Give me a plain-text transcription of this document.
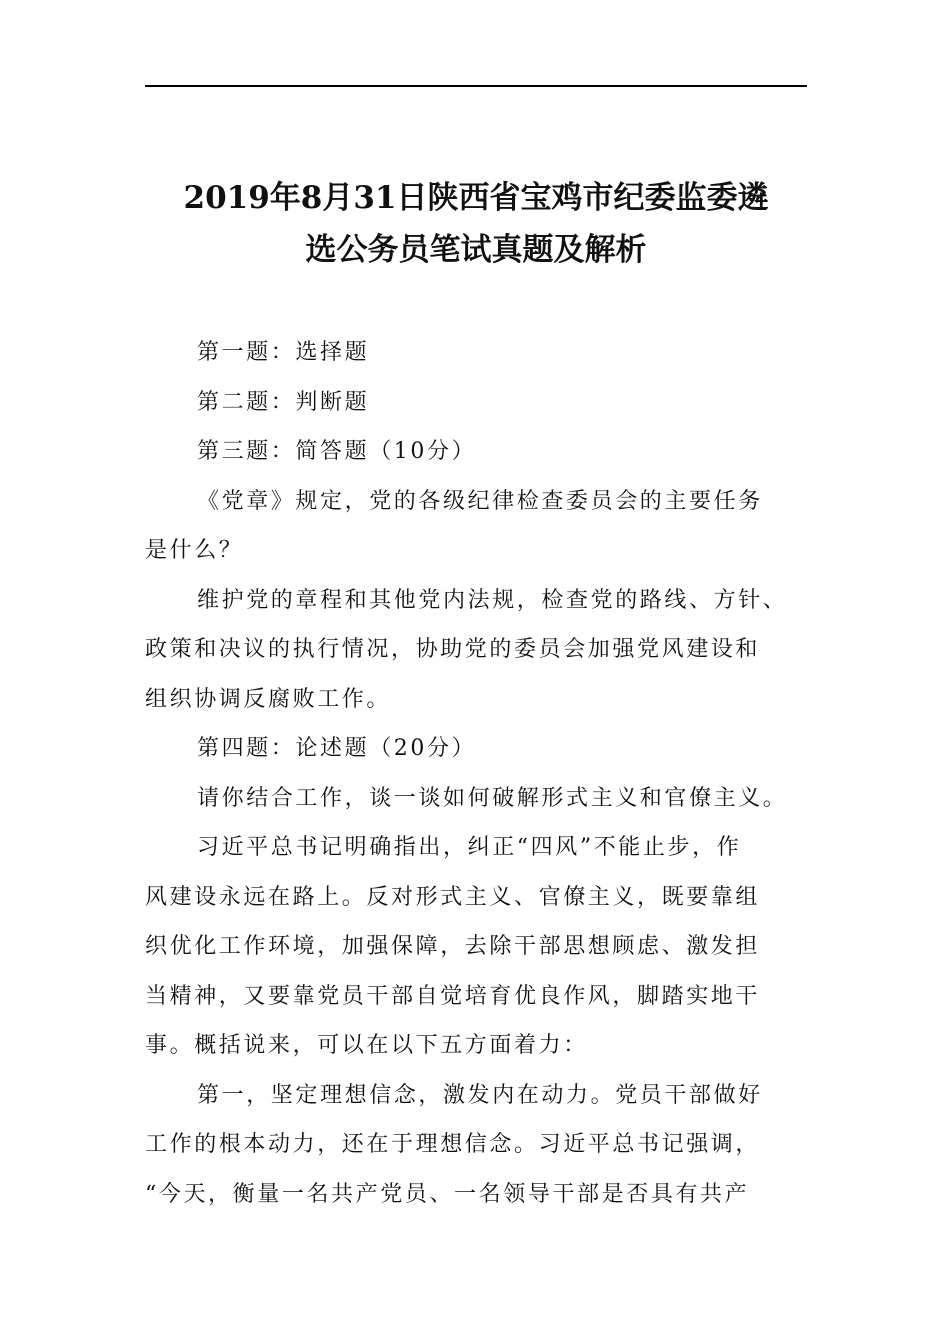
2019年8月31日陕西省宝鸡市纪委监委遴
选公务员笔试真题及解析

第一题：选择题

第二题：判断题

第三题：简答题（10分）

《党章》规定，党的各级纪律检查委员会的主要任务
是什么？

维护党的章程和其他党内法规，检查党的路线、方针、
政策和决议的执行情况，协助党的委员会加强党风建设和
组织协调反腐败工作。

第四题：论述题（20分）

请你结合工作，谈一谈如何破解形式主义和官僚主义。

习近平总书记明确指出，纠正“四风”不能止步，作
风建设永远在路上。反对形式主义、官僚主义，既要靠组
织优化工作环境，加强保障，去除干部思想顾虑、激发担
当精神，又要靠党员干部自觉培育优良作风，脚踏实地干
事。概括说来，可以在以下五方面着力：

第一，坚定理想信念，激发内在动力。党员干部做好
工作的根本动力，还在于理想信念。习近平总书记强调，
“今天，衡量一名共产党员、一名领导干部是否具有共产
